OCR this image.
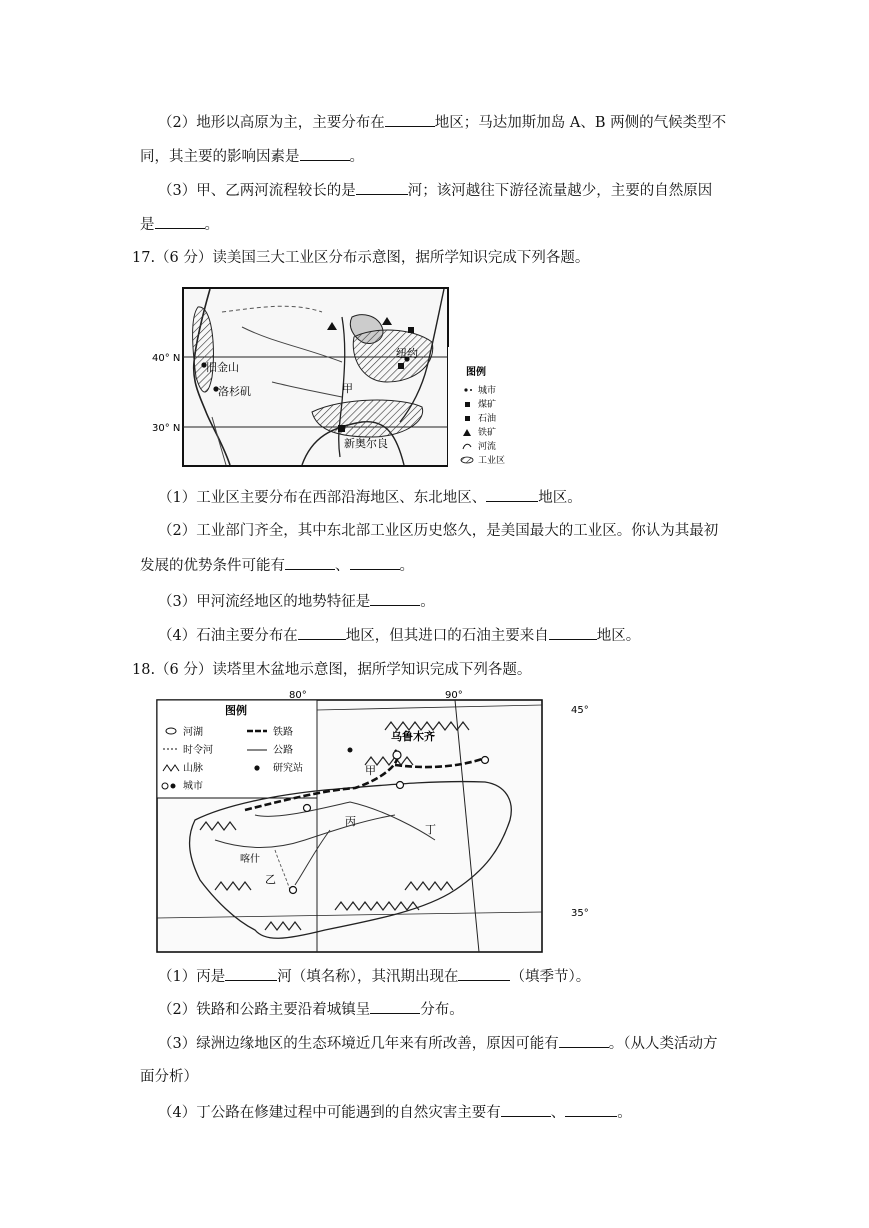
（2）地形以高原为主，主要分布在	地区；马达加斯加岛 A、B 两侧的气候类型不
同，其主要的影响因素是	。
（3）甲、乙两河流程较长的是	河；该河越往下游径流量越少，主要的自然原因
是	。
17.（6 分）读美国三大工业区分布示意图，据所学知识完成下列各题。
40° N
30° N
旧金山
洛杉矶
纽约
甲
新奥尔良
图例
城市
煤矿
石油
铁矿
河流
工业区
（1）工业区主要分布在西部沿海地区、东北地区、	地区。
（2）工业部门齐全，其中东北部工业区历史悠久，是美国最大的工业区。你认为其最初
发展的优势条件可能有	、	。
（3）甲河流经地区的地势特征是	。
（4）石油主要分布在	地区，但其进口的石油主要来自	地区。
18.（6 分）读塔里木盆地示意图，据所学知识完成下列各题。
80°	90°
45°
35°
乌鲁木齐
甲
丙
丁
乙
喀什
图例
河湖
时令河
山脉
城市
铁路
公路
研究站
（1）丙是	河（填名称），其汛期出现在	（填季节）。
（2）铁路和公路主要沿着城镇呈	分布。
（3）绿洲边缘地区的生态环境近几年来有所改善，原因可能有	。（从人类活动方
面分析）
（4）丁公路在修建过程中可能遇到的自然灾害主要有	、	。
